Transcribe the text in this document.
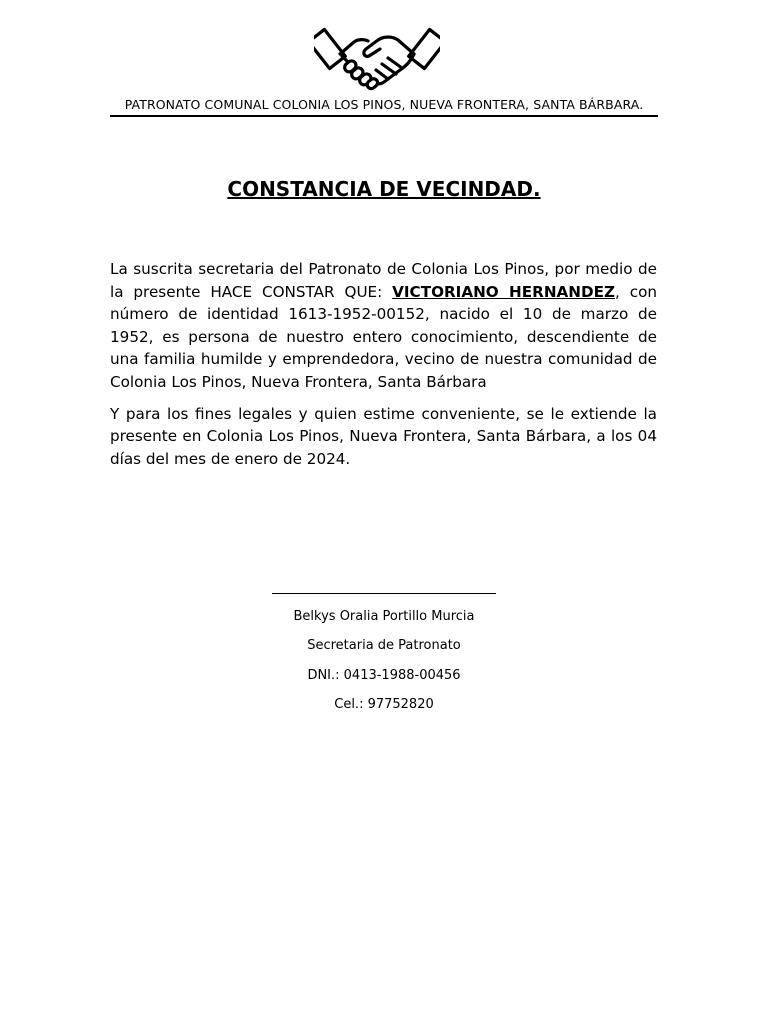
PATRONATO COMUNAL COLONIA LOS PINOS, NUEVA FRONTERA, SANTA BÁRBARA.
CONSTANCIA DE VECINDAD.

La suscrita secretaria del Patronato de Colonia Los Pinos, por medio de la presente HACE CONSTAR QUE: VICTORIANO HERNANDEZ, con número de identidad 1613-1952-00152, nacido el 10 de marzo de 1952, es persona de nuestro entero conocimiento, descendiente de una familia humilde y emprendedora, vecino de nuestra comunidad de Colonia Los Pinos, Nueva Frontera, Santa Bárbara

Y para los fines legales y quien estime conveniente, se le extiende la presente en Colonia Los Pinos, Nueva Frontera, Santa Bárbara, a los 04 días del mes de enero de 2024.

Belkys Oralia Portillo Murcia
Secretaria de Patronato
DNI.: 0413-1988-00456
Cel.: 97752820
